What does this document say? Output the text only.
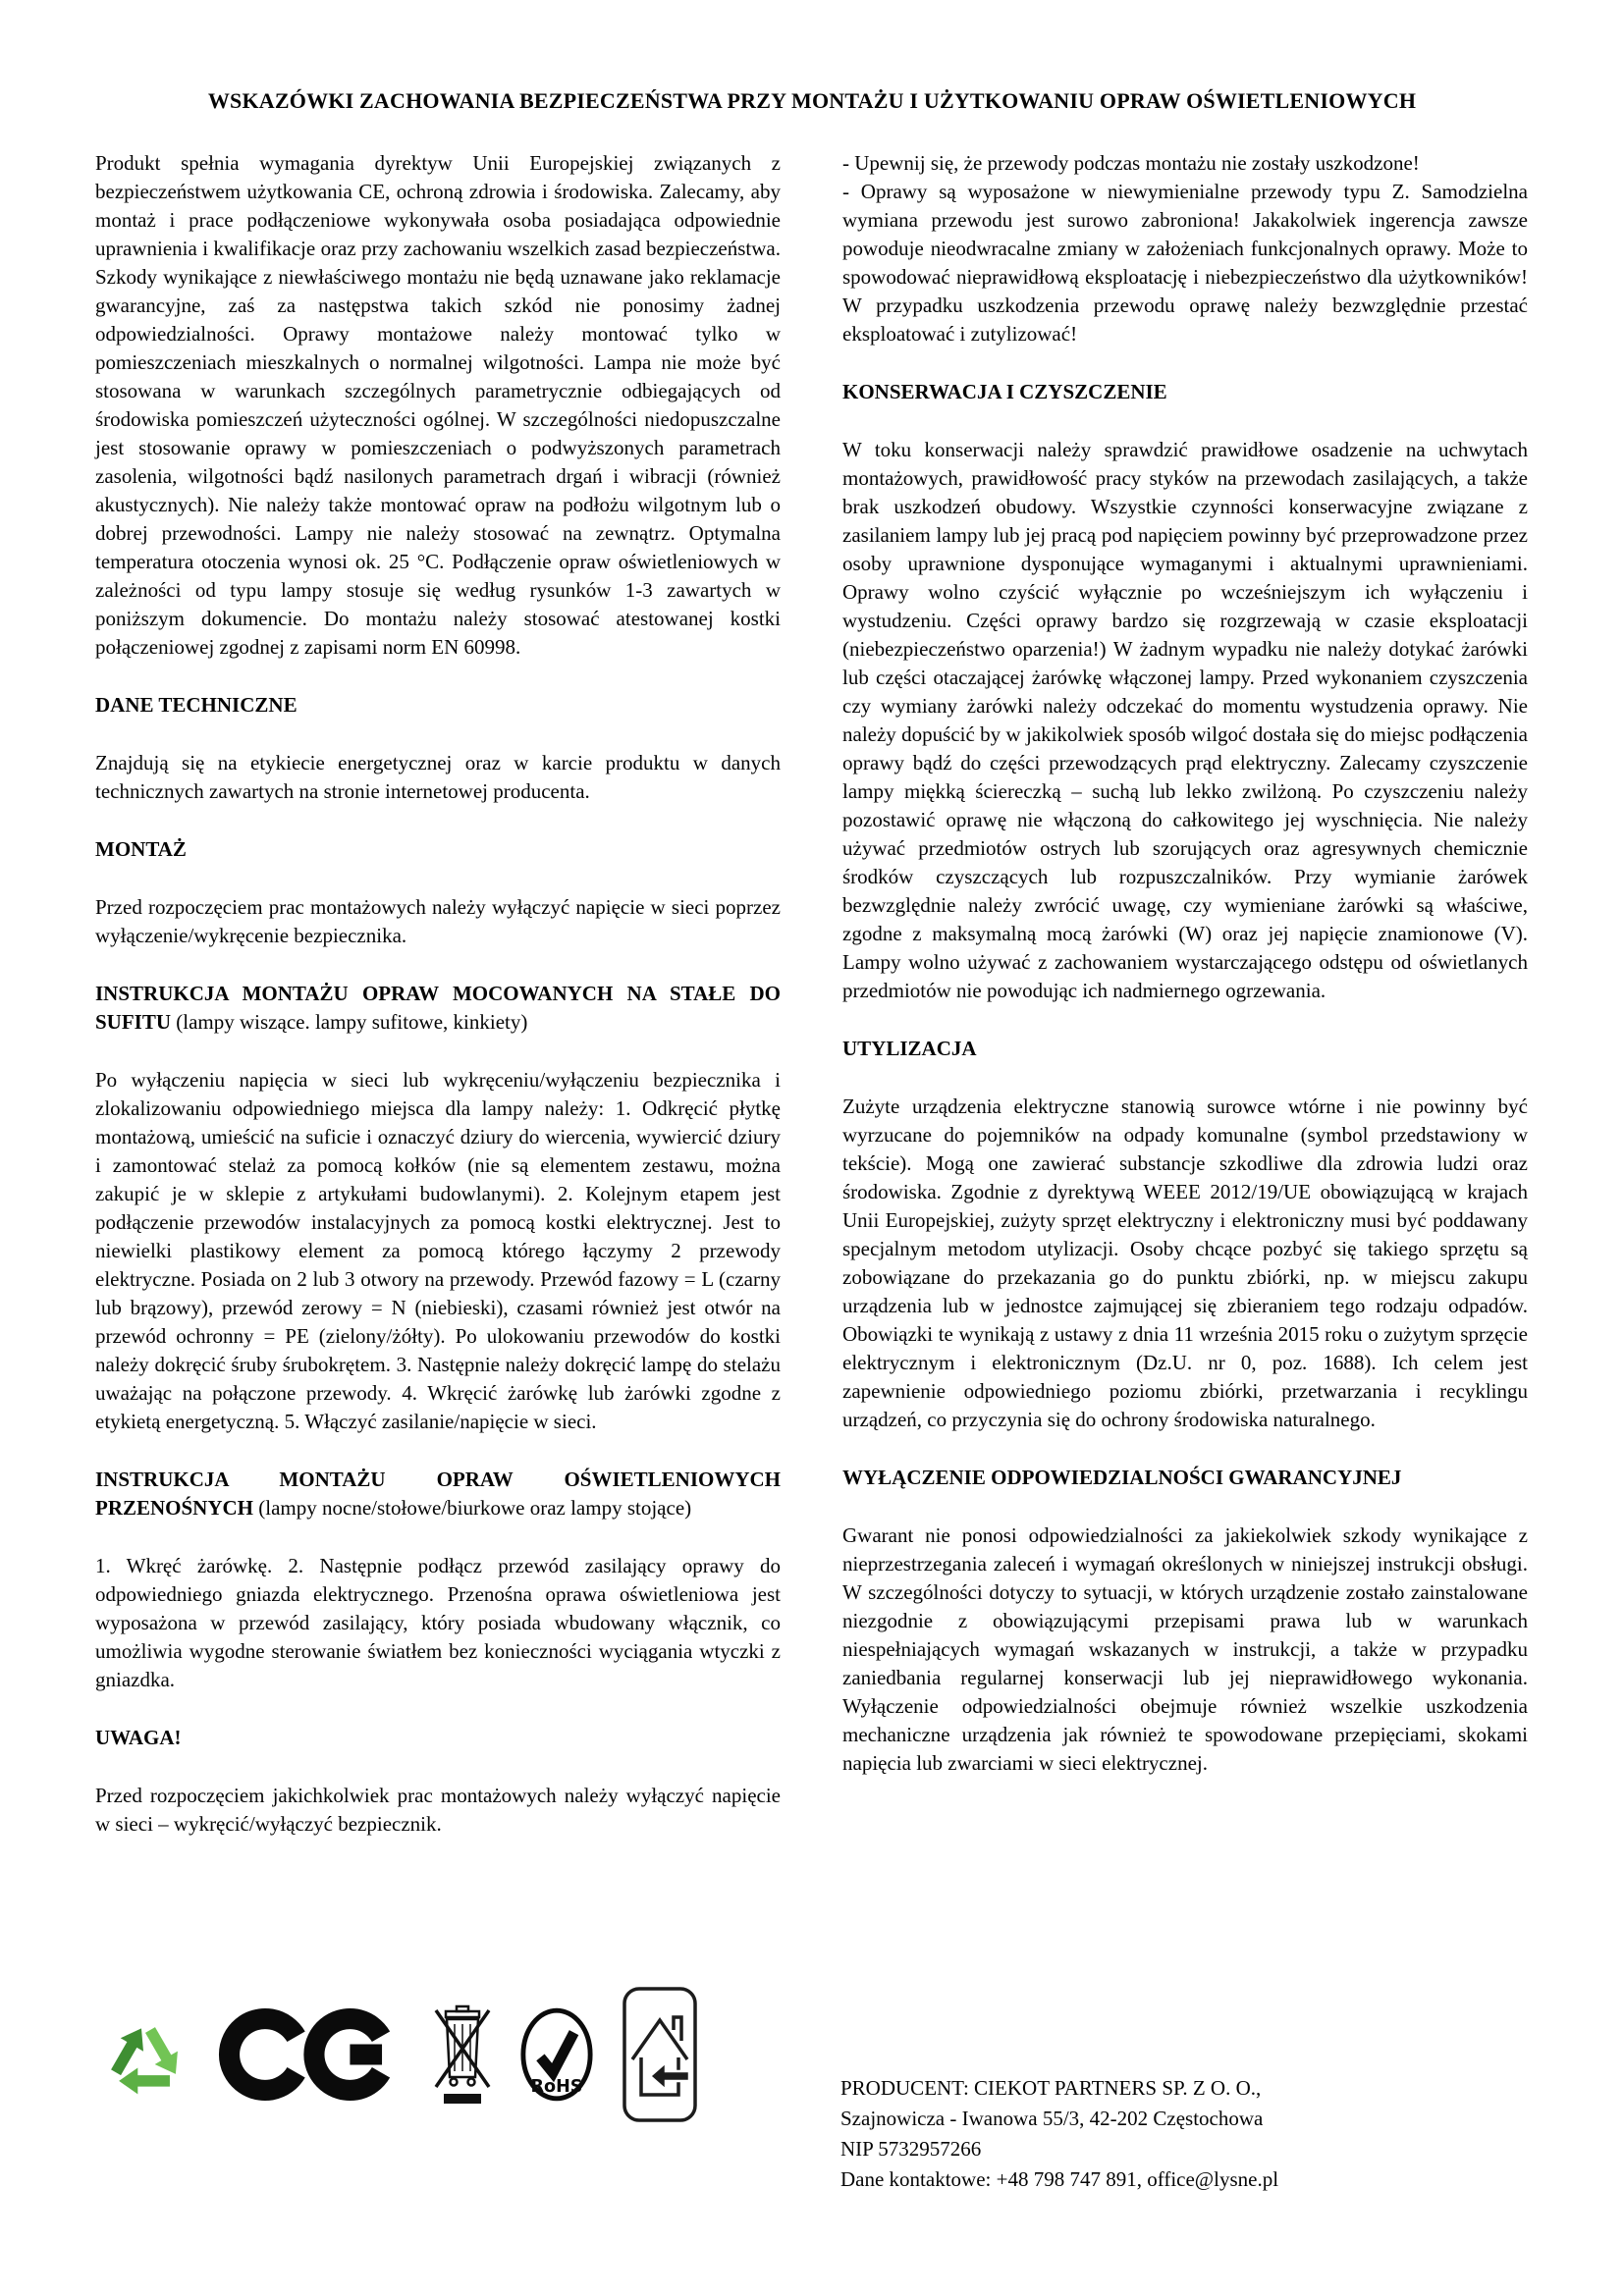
WSKAZÓWKI ZACHOWANIA BEZPIECZEŃSTWA PRZY MONTAŻU I UŻYTKOWANIU OPRAW OŚWIETLENIOWYCH

Produkt spełnia wymagania dyrektyw Unii Europejskiej związanych z bezpieczeństwem użytkowania CE, ochroną zdrowia i środowiska. Zalecamy, aby montaż i prace podłączeniowe wykonywała osoba posiadająca odpowiednie uprawnienia i kwalifikacje oraz przy zachowaniu wszelkich zasad bezpieczeństwa. Szkody wynikające z niewłaściwego montażu nie będą uznawane jako reklamacje gwarancyjne, zaś za następstwa takich szkód nie ponosimy żadnej odpowiedzialności. Oprawy montażowe należy montować tylko w pomieszczeniach mieszkalnych o normalnej wilgotności. Lampa nie może być stosowana w warunkach szczególnych parametrycznie odbiegających od środowiska pomieszczeń użyteczności ogólnej. W szczególności niedopuszczalne jest stosowanie oprawy w pomieszczeniach o podwyższonych parametrach zasolenia, wilgotności bądź nasilonych parametrach drgań i wibracji (również akustycznych). Nie należy także montować opraw na podłożu wilgotnym lub o dobrej przewodności. Lampy nie należy stosować na zewnątrz. Optymalna temperatura otoczenia wynosi ok. 25 °C. Podłączenie opraw oświetleniowych w zależności od typu lampy stosuje się według rysunków 1-3 zawartych w poniższym dokumencie. Do montażu należy stosować atestowanej kostki połączeniowej zgodnej z zapisami norm EN 60998.

DANE TECHNICZNE

Znajdują się na etykiecie energetycznej oraz w karcie produktu w danych technicznych zawartych na stronie internetowej producenta.

MONTAŻ

Przed rozpoczęciem prac montażowych należy wyłączyć napięcie w sieci poprzez wyłączenie/wykręcenie bezpiecznika.

INSTRUKCJA MONTAŻU OPRAW MOCOWANYCH NA STAŁE DO SUFITU (lampy wiszące. lampy sufitowe, kinkiety)

Po wyłączeniu napięcia w sieci lub wykręceniu/wyłączeniu bezpiecznika i zlokalizowaniu odpowiedniego miejsca dla lampy należy: 1. Odkręcić płytkę montażową, umieścić na suficie i oznaczyć dziury do wiercenia, wywiercić dziury i zamontować stelaż za pomocą kołków (nie są elementem zestawu, można zakupić je w sklepie z artykułami budowlanymi). 2. Kolejnym etapem jest podłączenie przewodów instalacyjnych za pomocą kostki elektrycznej. Jest to niewielki plastikowy element za pomocą którego łączymy 2 przewody elektryczne. Posiada on 2 lub 3 otwory na przewody. Przewód fazowy = L (czarny lub brązowy), przewód zerowy = N (niebieski), czasami również jest otwór na przewód ochronny = PE (zielony/żółty). Po ulokowaniu przewodów do kostki należy dokręcić śruby śrubokrętem. 3. Następnie należy dokręcić lampę do stelażu uważając na połączone przewody. 4. Wkręcić żarówkę lub żarówki zgodne z etykietą energetyczną. 5. Włączyć zasilanie/napięcie w sieci.

INSTRUKCJA MONTAŻU OPRAW OŚWIETLENIOWYCH PRZENOŚNYCH (lampy nocne/stołowe/biurkowe oraz lampy stojące)

1. Wkręć żarówkę. 2. Następnie podłącz przewód zasilający oprawy do odpowiedniego gniazda elektrycznego. Przenośna oprawa oświetleniowa jest wyposażona w przewód zasilający, który posiada wbudowany włącznik, co umożliwia wygodne sterowanie światłem bez konieczności wyciągania wtyczki z gniazdka.

UWAGA!

Przed rozpoczęciem jakichkolwiek prac montażowych należy wyłączyć napięcie w sieci – wykręcić/wyłączyć bezpiecznik.

- Upewnij się, że przewody podczas montażu nie zostały uszkodzone!

- Oprawy są wyposażone w niewymienialne przewody typu Z. Samodzielna wymiana przewodu jest surowo zabroniona! Jakakolwiek ingerencja zawsze powoduje nieodwracalne zmiany w założeniach funkcjonalnych oprawy. Może to spowodować nieprawidłową eksploatację i niebezpieczeństwo dla użytkowników! W przypadku uszkodzenia przewodu oprawę należy bezwzględnie przestać eksploatować i zutylizować!

KONSERWACJA I CZYSZCZENIE

W toku konserwacji należy sprawdzić prawidłowe osadzenie na uchwytach montażowych, prawidłowość pracy styków na przewodach zasilających, a także brak uszkodzeń obudowy. Wszystkie czynności konserwacyjne związane z zasilaniem lampy lub jej pracą pod napięciem powinny być przeprowadzone przez osoby uprawnione dysponujące wymaganymi i aktualnymi uprawnieniami. Oprawy wolno czyścić wyłącznie po wcześniejszym ich wyłączeniu i wystudzeniu. Części oprawy bardzo się rozgrzewają w czasie eksploatacji (niebezpieczeństwo oparzenia!) W żadnym wypadku nie należy dotykać żarówki lub części otaczającej żarówkę włączonej lampy. Przed wykonaniem czyszczenia czy wymiany żarówki należy odczekać do momentu wystudzenia oprawy. Nie należy dopuścić by w jakikolwiek sposób wilgoć dostała się do miejsc podłączenia oprawy bądź do części przewodzących prąd elektryczny. Zalecamy czyszczenie lampy miękką ściereczką – suchą lub lekko zwilżoną. Po czyszczeniu należy pozostawić oprawę nie włączoną do całkowitego jej wyschnięcia. Nie należy używać przedmiotów ostrych lub szorujących oraz agresywnych chemicznie środków czyszczących lub rozpuszczalników. Przy wymianie żarówek bezwzględnie należy zwrócić uwagę, czy wymieniane żarówki są właściwe, zgodne z maksymalną mocą żarówki (W) oraz jej napięcie znamionowe (V). Lampy wolno używać z zachowaniem wystarczającego odstępu od oświetlanych przedmiotów nie powodując ich nadmiernego ogrzewania.

UTYLIZACJA

Zużyte urządzenia elektryczne stanowią surowce wtórne i nie powinny być wyrzucane do pojemników na odpady komunalne (symbol przedstawiony w tekście). Mogą one zawierać substancje szkodliwe dla zdrowia ludzi oraz środowiska. Zgodnie z dyrektywą WEEE 2012/19/UE obowiązującą w krajach Unii Europejskiej, zużyty sprzęt elektryczny i elektroniczny musi być poddawany specjalnym metodom utylizacji. Osoby chcące pozbyć się takiego sprzętu są zobowiązane do przekazania go do punktu zbiórki, np. w miejscu zakupu urządzenia lub w jednostce zajmującej się zbieraniem tego rodzaju odpadów. Obowiązki te wynikają z ustawy z dnia 11 września 2015 roku o zużytym sprzęcie elektrycznym i elektronicznym (Dz.U. nr 0, poz. 1688). Ich celem jest zapewnienie odpowiedniego poziomu zbiórki, przetwarzania i recyklingu urządzeń, co przyczynia się do ochrony środowiska naturalnego.

WYŁĄCZENIE ODPOWIEDZIALNOŚCI GWARANCYJNEJ

Gwarant nie ponosi odpowiedzialności za jakiekolwiek szkody wynikające z nieprzestrzegania zaleceń i wymagań określonych w niniejszej instrukcji obsługi. W szczególności dotyczy to sytuacji, w których urządzenie zostało zainstalowane niezgodnie z obowiązującymi przepisami prawa lub w warunkach niespełniających wymagań wskazanych w instrukcji, a także w przypadku zaniedbania regularnej konserwacji lub jej nieprawidłowego wykonania. Wyłączenie odpowiedzialności obejmuje również wszelkie uszkodzenia mechaniczne urządzenia jak również te spowodowane przepięciami, skokami napięcia lub zwarciami w sieci elektrycznej.

RoHS	PRODUCENT: CIEKOT PARTNERS SP. Z O. O.,

Szajnowicza - Iwanowa 55/3, 42-202 Częstochowa

NIP 5732957266

Dane kontaktowe: +48 798 747 891, office@lysne.pl
